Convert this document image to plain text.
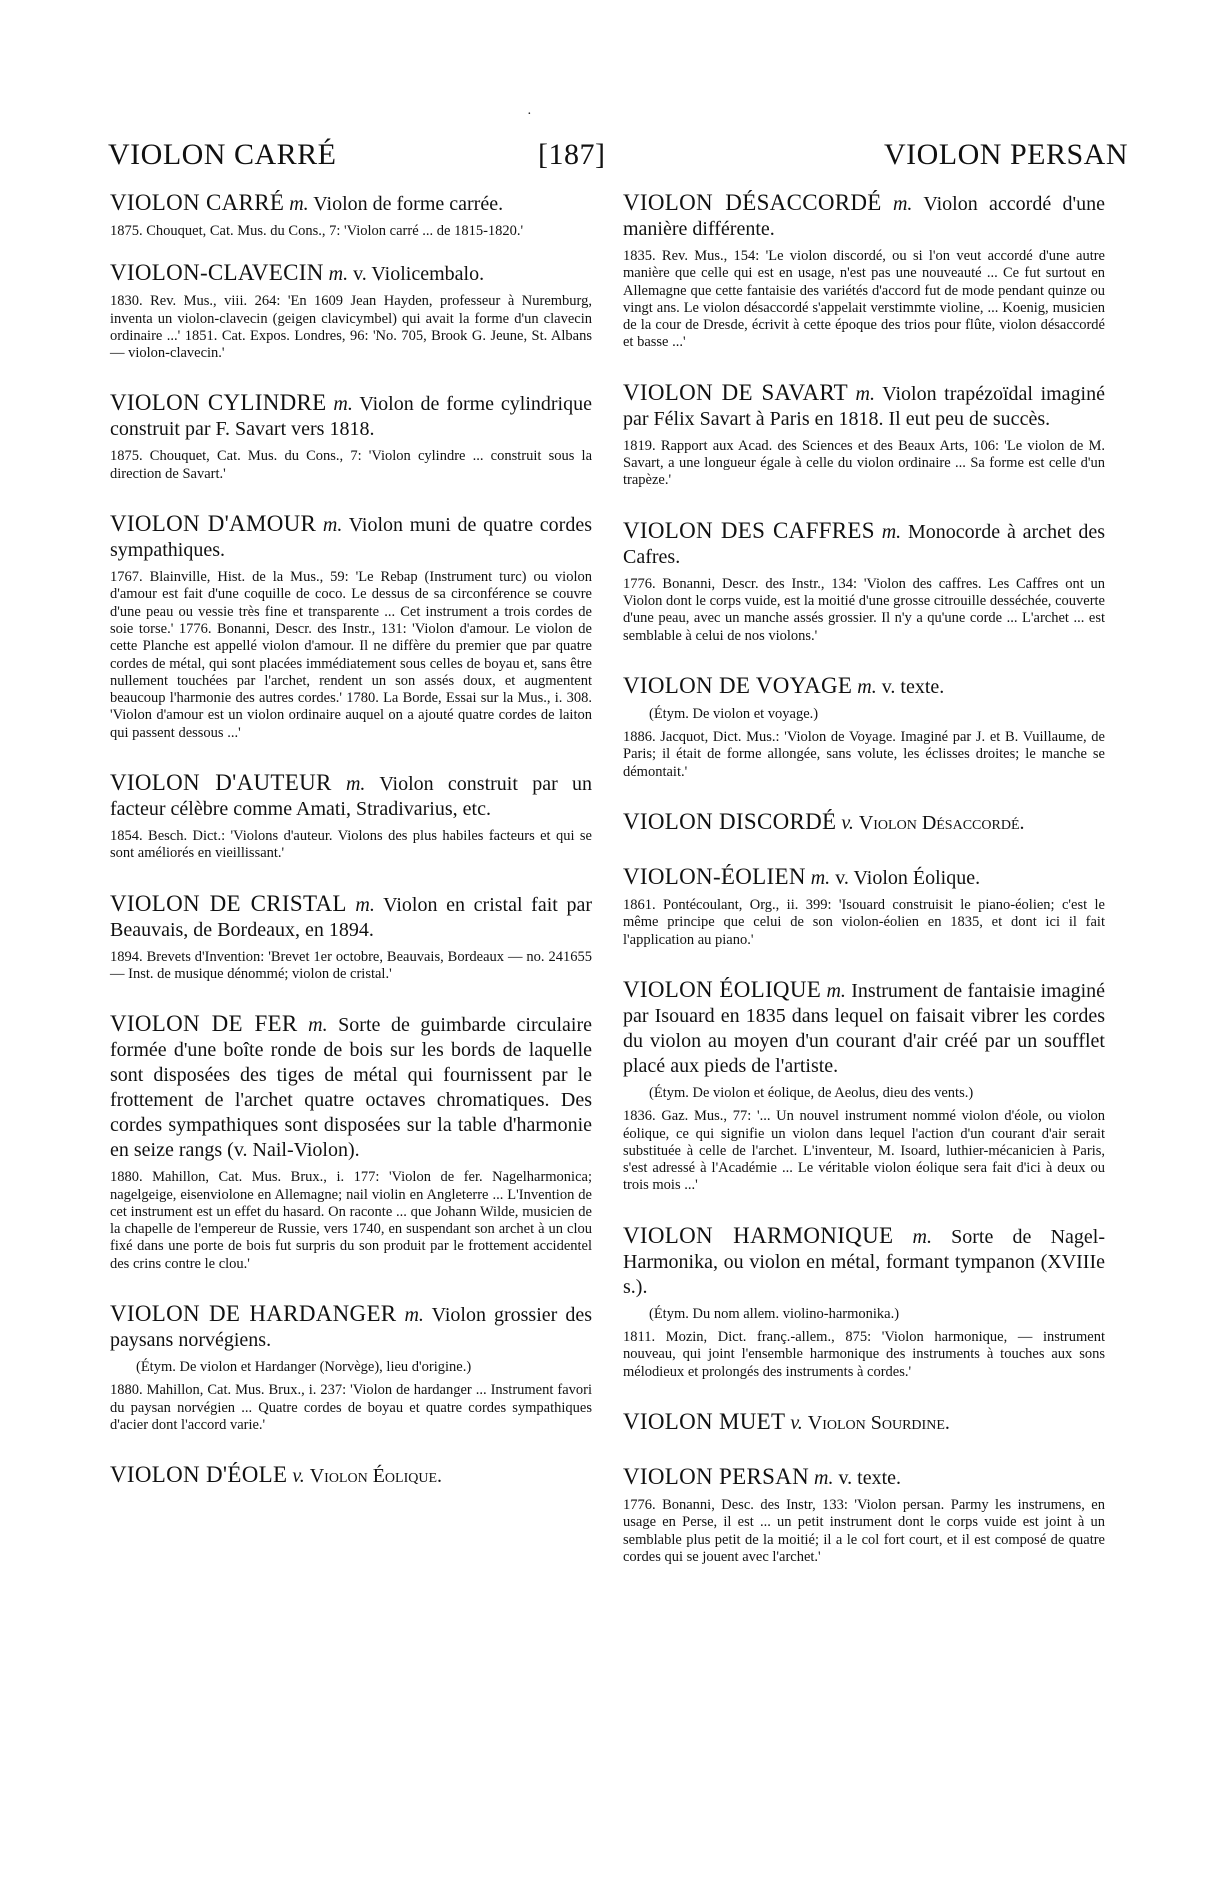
·
VIOLON CARRÉ	[187]	VIOLON PERSAN

VIOLON CARRÉ m. Violon de forme carrée.

1875. Chouquet, Cat. Mus. du Cons., 7: 'Violon carré ... de 1815-1820.'

VIOLON-CLAVECIN m. v. Violicembalo.

1830. Rev. Mus., viii. 264: 'En 1609 Jean Hayden, professeur à Nuremburg, inventa un violon-clavecin (geigen clavicymbel) qui avait la forme d'un clavecin ordinaire ...' 1851. Cat. Expos. Londres, 96: 'No. 705, Brook G. Jeune, St. Albans — violon-clavecin.'

VIOLON CYLINDRE m. Violon de forme cylindrique construit par F. Savart vers 1818.

1875. Chouquet, Cat. Mus. du Cons., 7: 'Violon cylindre ... construit sous la direction de Savart.'

VIOLON D'AMOUR m. Violon muni de quatre cordes sympathiques.

1767. Blainville, Hist. de la Mus., 59: 'Le Rebap (Instrument turc) ou violon d'amour est fait d'une coquille de coco. Le dessus de sa circonférence se couvre d'une peau ou vessie très fine et transparente ... Cet instrument a trois cordes de soie torse.' 1776. Bonanni, Descr. des Instr., 131: 'Violon d'amour. Le violon de cette Planche est appellé violon d'amour. Il ne diffère du premier que par quatre cordes de métal, qui sont placées immédiatement sous celles de boyau et, sans être nullement touchées par l'archet, rendent un son assés doux, et augmentent beaucoup l'harmonie des autres cordes.' 1780. La Borde, Essai sur la Mus., i. 308. 'Violon d'amour est un violon ordinaire auquel on a ajouté quatre cordes de laiton qui passent dessous ...'

VIOLON D'AUTEUR m. Violon construit par un facteur célèbre comme Amati, Stradivarius, etc.

1854. Besch. Dict.: 'Violons d'auteur. Violons des plus habiles facteurs et qui se sont améliorés en vieillissant.'

VIOLON DE CRISTAL m. Violon en cristal fait par Beauvais, de Bordeaux, en 1894.

1894. Brevets d'Invention: 'Brevet 1er octobre, Beauvais, Bordeaux — no. 241655 — Inst. de musique dénommé; violon de cristal.'

VIOLON DE FER m. Sorte de guimbarde circulaire formée d'une boîte ronde de bois sur les bords de laquelle sont disposées des tiges de métal qui fournissent par le frottement de l'archet quatre octaves chromatiques. Des cordes sympathiques sont disposées sur la table d'harmonie en seize rangs (v. Nail-Violon).

1880. Mahillon, Cat. Mus. Brux., i. 177: 'Violon de fer. Nagelharmonica; nagelgeige, eisenviolone en Allemagne; nail violin en Angleterre ... L'Invention de cet instrument est un effet du hasard. On raconte ... que Johann Wilde, musicien de la chapelle de l'empereur de Russie, vers 1740, en suspendant son archet à un clou fixé dans une porte de bois fut surpris du son produit par le frottement accidentel des crins contre le clou.'

VIOLON DE HARDANGER m. Violon grossier des paysans norvégiens.

(Étym. De violon et Hardanger (Norvège), lieu d'origine.)

1880. Mahillon, Cat. Mus. Brux., i. 237: 'Violon de hardanger ... Instrument favori du paysan norvégien ... Quatre cordes de boyau et quatre cordes sympathiques d'acier dont l'accord varie.'

VIOLON D'ÉOLE v. Violon Éolique.

VIOLON DÉSACCORDÉ m. Violon accordé d'une manière différente.

1835. Rev. Mus., 154: 'Le violon discordé, ou si l'on veut accordé d'une autre manière que celle qui est en usage, n'est pas une nouveauté ... Ce fut surtout en Allemagne que cette fantaisie des variétés d'accord fut de mode pendant quinze ou vingt ans. Le violon désaccordé s'appelait verstimmte violine, ... Koenig, musicien de la cour de Dresde, écrivit à cette époque des trios pour flûte, violon désaccordé et basse ...'

VIOLON DE SAVART m. Violon trapézoïdal imaginé par Félix Savart à Paris en 1818. Il eut peu de succès.

1819. Rapport aux Acad. des Sciences et des Beaux Arts, 106: 'Le violon de M. Savart, a une longueur égale à celle du violon ordinaire ... Sa forme est celle d'un trapèze.'

VIOLON DES CAFFRES m. Monocorde à archet des Cafres.

1776. Bonanni, Descr. des Instr., 134: 'Violon des caffres. Les Caffres ont un Violon dont le corps vuide, est la moitié d'une grosse citrouille desséchée, couverte d'une peau, avec un manche assés grossier. Il n'y a qu'une corde ... L'archet ... est semblable à celui de nos violons.'

VIOLON DE VOYAGE m. v. texte.

(Étym. De violon et voyage.)

1886. Jacquot, Dict. Mus.: 'Violon de Voyage. Imaginé par J. et B. Vuillaume, de Paris; il était de forme allongée, sans volute, les éclisses droites; le manche se démontait.'

VIOLON DISCORDÉ v. Violon Désaccordé.

VIOLON-ÉOLIEN m. v. Violon Éolique.

1861. Pontécoulant, Org., ii. 399: 'Isouard construisit le piano-éolien; c'est le même principe que celui de son violon-éolien en 1835, et dont ici il fait l'application au piano.'

VIOLON ÉOLIQUE m. Instrument de fantaisie imaginé par Isouard en 1835 dans lequel on faisait vibrer les cordes du violon au moyen d'un courant d'air créé par un soufflet placé aux pieds de l'artiste.

(Étym. De violon et éolique, de Aeolus, dieu des vents.)

1836. Gaz. Mus., 77: '... Un nouvel instrument nommé violon d'éole, ou violon éolique, ce qui signifie un violon dans lequel l'action d'un courant d'air serait substituée à celle de l'archet. L'inventeur, M. Isoard, luthier-mécanicien à Paris, s'est adressé à l'Académie ... Le véritable violon éolique sera fait d'ici à deux ou trois mois ...'

VIOLON HARMONIQUE m. Sorte de Nagel-Harmonika, ou violon en métal, formant tympanon (XVIIIe s.).

(Étym. Du nom allem. violino-harmonika.)

1811. Mozin, Dict. franç.-allem., 875: 'Violon harmonique, — instrument nouveau, qui joint l'ensemble harmonique des instruments à touches aux sons mélodieux et prolongés des instruments à cordes.'

VIOLON MUET v. Violon Sourdine.

VIOLON PERSAN m. v. texte.

1776. Bonanni, Desc. des Instr, 133: 'Violon persan. Parmy les instrumens, en usage en Perse, il est ... un petit instrument dont le corps vuide est joint à un semblable plus petit de la moitié; il a le col fort court, et il est composé de quatre cordes qui se jouent avec l'archet.'
